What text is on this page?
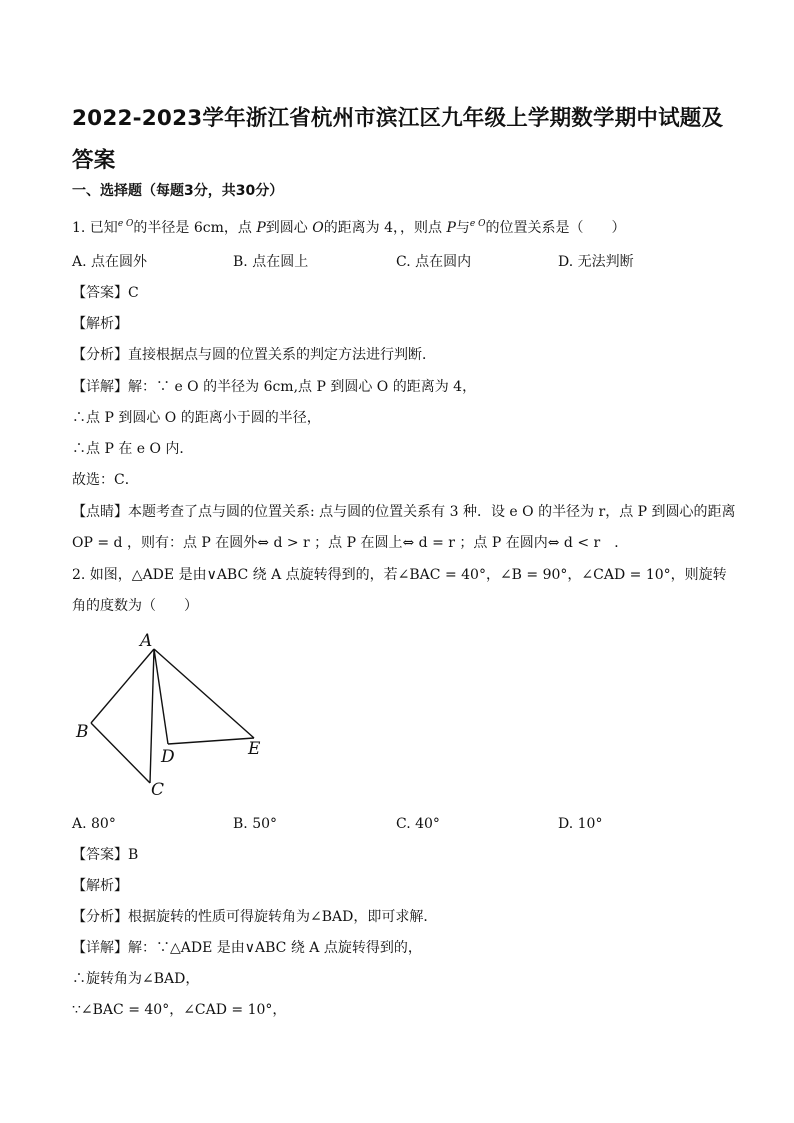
2022-2023学年浙江省杭州市滨江区九年级上学期数学期中试题及答案
一、选择题（每题3分，共30分）
1. 已知$^{e O}$的半径是 6cm，点 P到圆心 O的距离为 4，，则点 P与$^{e O}$的位置关系是（　　）
A. 点在圆外	B. 点在圆上	C. 点在圆内	D. 无法判断
【答案】C
【解析】
【分析】直接根据点与圆的位置关系的判定方法进行判断．
【详解】解：∵ e O 的半径为 6cm,点 P 到圆心 O 的距离为 4，
∴点 P 到圆心 O 的距离小于圆的半径，
∴点 P 在 e O 内．
故选：C．
【点睛】本题考查了点与圆的位置关系: 点与圆的位置关系有 3 种．设 e O 的半径为 r，点 P 到圆心的距离
OP = d ，则有：点 P 在圆外⇔ d > r ；点 P 在圆上⇔ d = r ；点 P 在圆内⇔ d < r　．
2. 如图，△ADE 是由∨ABC 绕 A 点旋转得到的，若∠BAC = 40°，∠B = 90°，∠CAD = 10°，则旋转
角的度数为（　　）
A
B
C
D	E
A. 80°	B. 50°	C. 40°	D. 10°
【答案】B
【解析】
【分析】根据旋转的性质可得旋转角为∠BAD，即可求解．
【详解】解：∵△ADE 是由∨ABC 绕 A 点旋转得到的，
∴旋转角为∠BAD，
∵∠BAC = 40°，∠CAD = 10°，
